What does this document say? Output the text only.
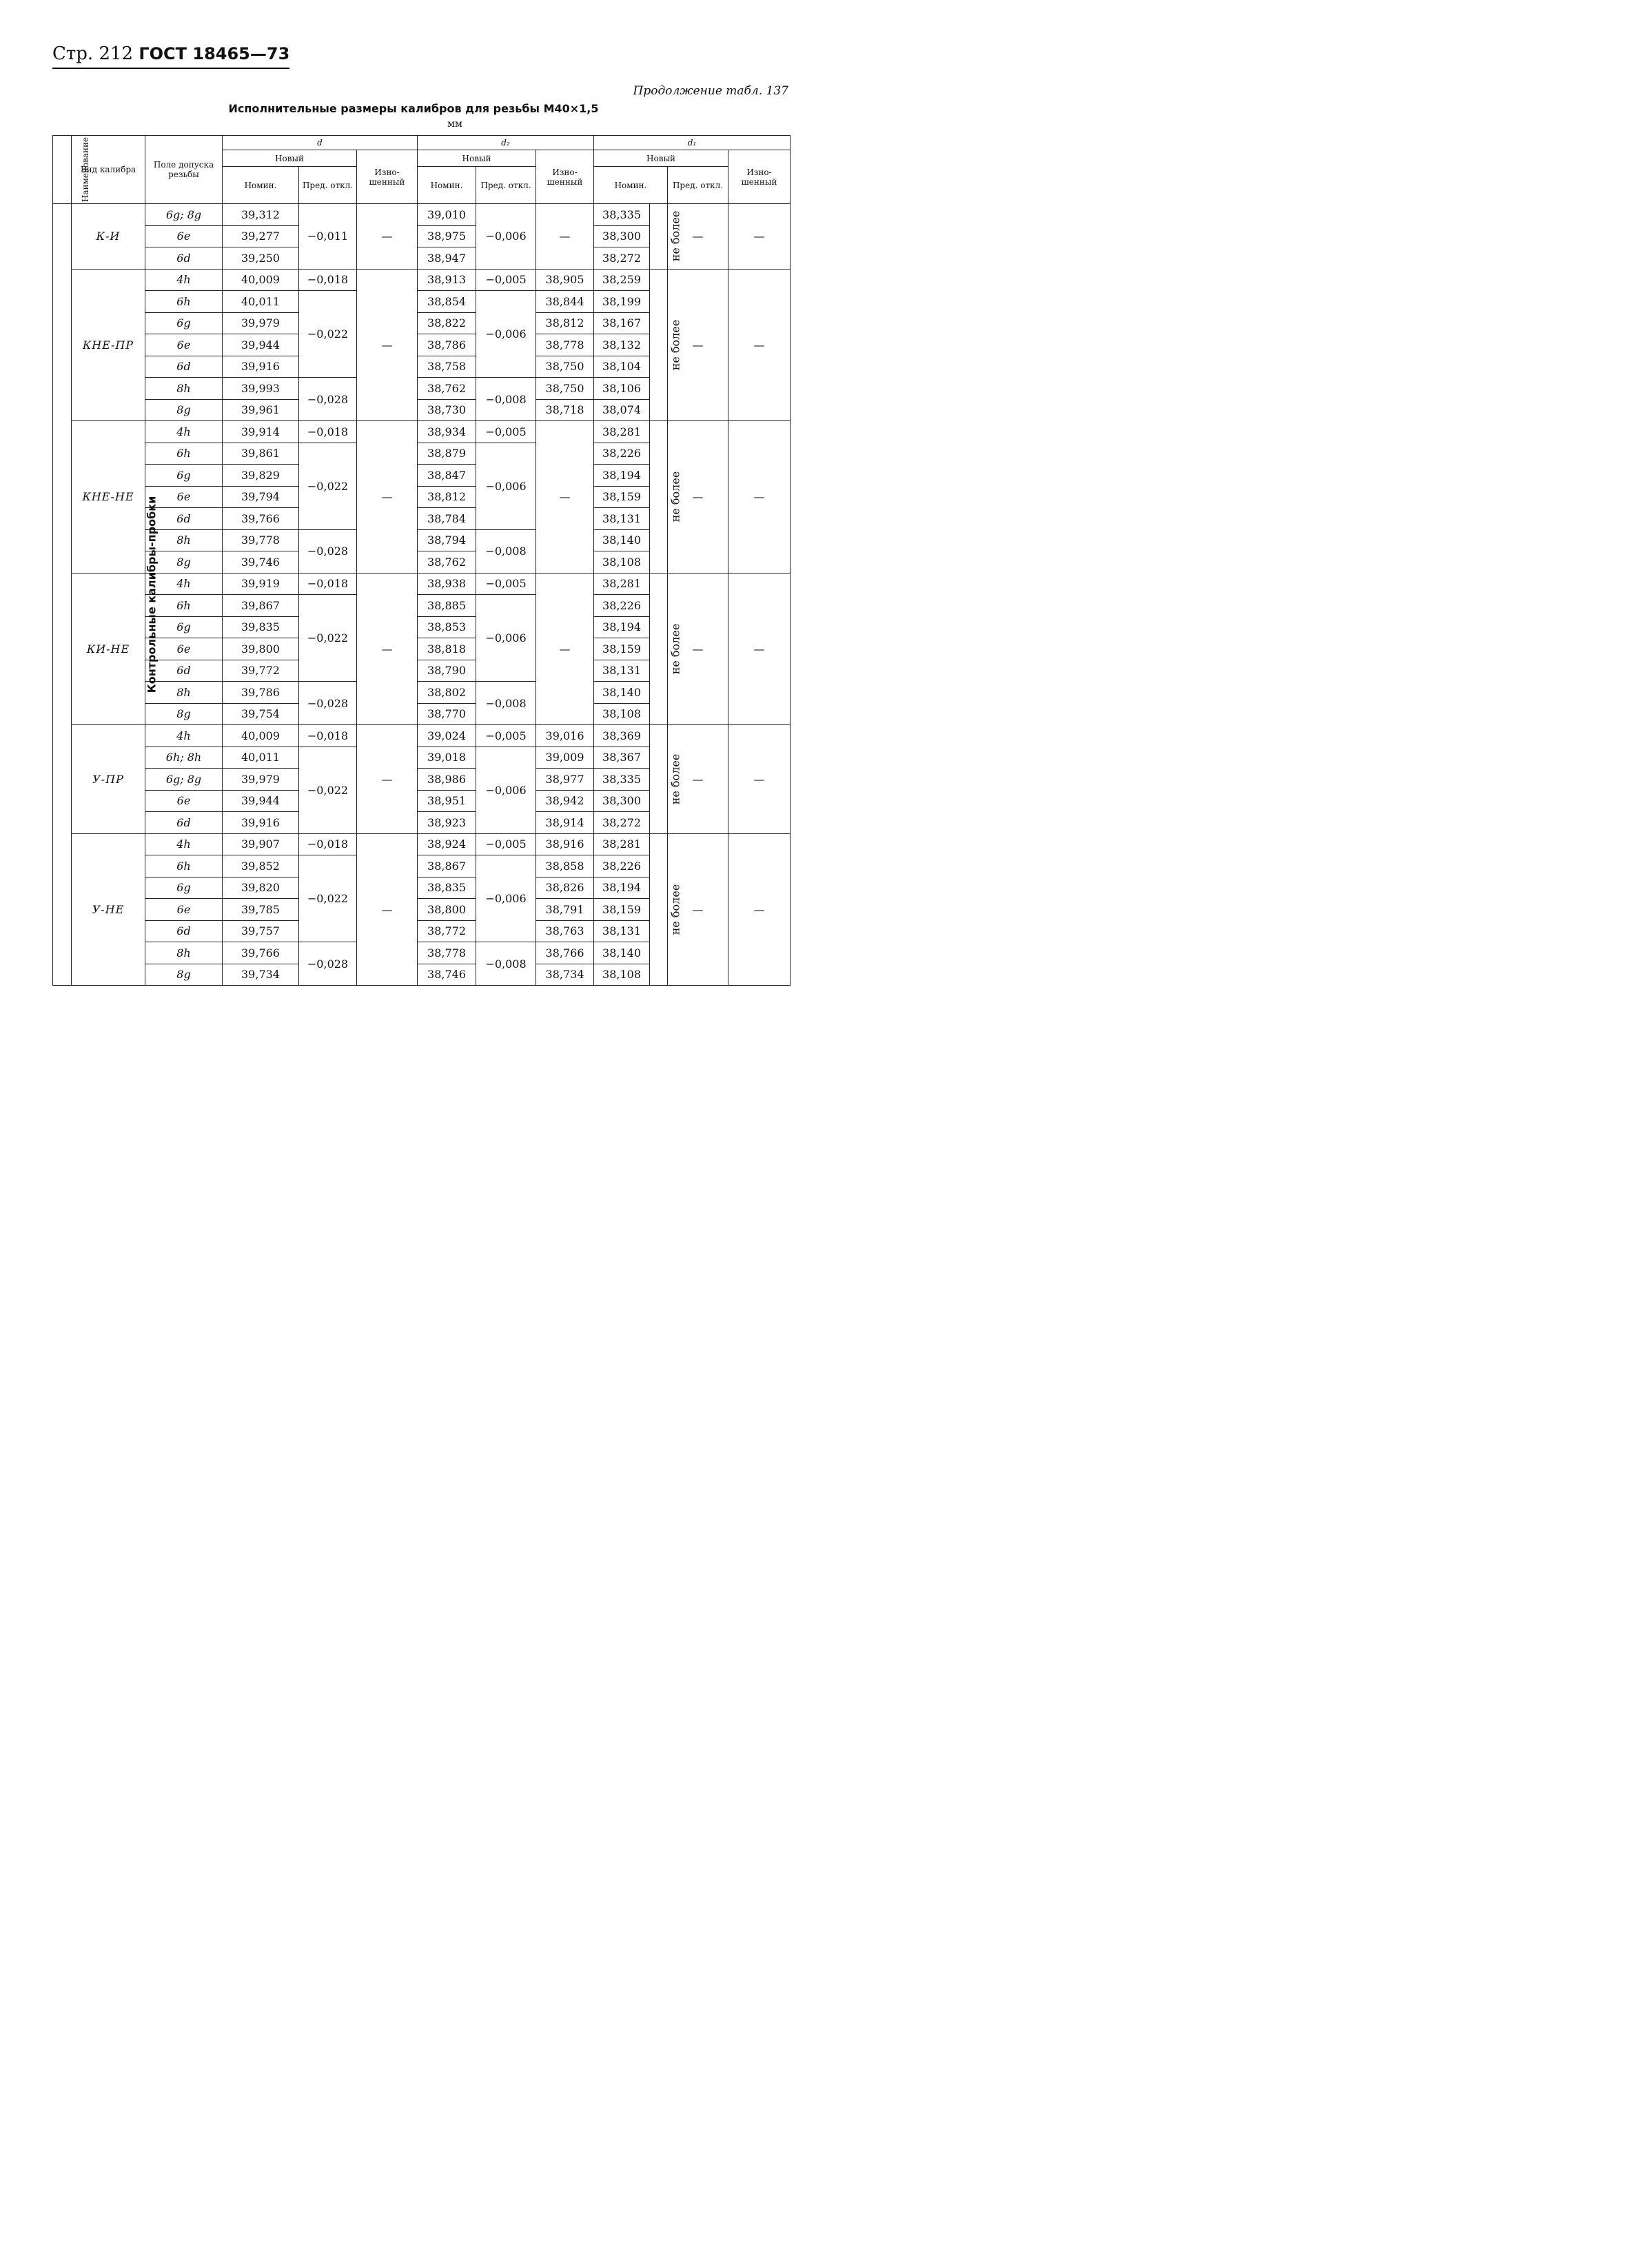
Стр. 212 ГОСТ 18465—73
Продолжение табл. 137
Исполнительные размеры калибров для резьбы М40×1,5
мм
Наименование	Вид калибра	Поле допуска резьбы	d			d₂			d₁			
			Новый		Изно- шенный	Новый		Изно- шенный	Новый			Изно- шенный
			Номин.	Пред. откл.		Номин.	Пред. откл.		Номин.		Пред. откл.	
Контрольные калибры-пробки	К-И	6g; 8g	39,312	−0,011	—	39,010	−0,006	—	38,335	не более	—	—
		6e	39,277			38,975			38,300			
		6d	39,250			38,947			38,272			
	КНЕ-ПР	4h	40,009	−0,018	—	38,913	−0,005	38,905	38,259	не более	—	—
		6h	40,011	−0,022		38,854	−0,006	38,844	38,199			
		6g	39,979			38,822		38,812	38,167			
		6e	39,944			38,786		38,778	38,132			
		6d	39,916			38,758		38,750	38,104			
		8h	39,993	−0,028		38,762	−0,008	38,750	38,106			
		8g	39,961			38,730		38,718	38,074			
	КНЕ-НЕ	4h	39,914	−0,018	—	38,934	−0,005	—	38,281	не более	—	—
		6h	39,861	−0,022		38,879	−0,006		38,226			
		6g	39,829			38,847			38,194			
		6e	39,794			38,812			38,159			
		6d	39,766			38,784			38,131			
		8h	39,778	−0,028		38,794	−0,008		38,140			
		8g	39,746			38,762			38,108			
	КИ-НЕ	4h	39,919	−0,018	—	38,938	−0,005	—	38,281	не более	—	—
		6h	39,867	−0,022		38,885	−0,006		38,226			
		6g	39,835			38,853			38,194			
		6e	39,800			38,818			38,159			
		6d	39,772			38,790			38,131			
		8h	39,786	−0,028		38,802	−0,008		38,140			
		8g	39,754			38,770			38,108			
	У-ПР	4h	40,009	−0,018	—	39,024	−0,005	39,016	38,369	не более	—	—
		6h; 8h	40,011	−0,022		39,018	−0,006	39,009	38,367			
		6g; 8g	39,979			38,986		38,977	38,335			
		6e	39,944			38,951		38,942	38,300			
		6d	39,916			38,923		38,914	38,272			
	У-НЕ	4h	39,907	−0,018	—	38,924	−0,005	38,916	38,281	не более	—	—
		6h	39,852	−0,022		38,867	−0,006	38,858	38,226			
		6g	39,820			38,835		38,826	38,194			
		6e	39,785			38,800		38,791	38,159			
		6d	39,757			38,772		38,763	38,131			
		8h	39,766	−0,028		38,778	−0,008	38,766	38,140			
		8g	39,734			38,746		38,734	38,108			
